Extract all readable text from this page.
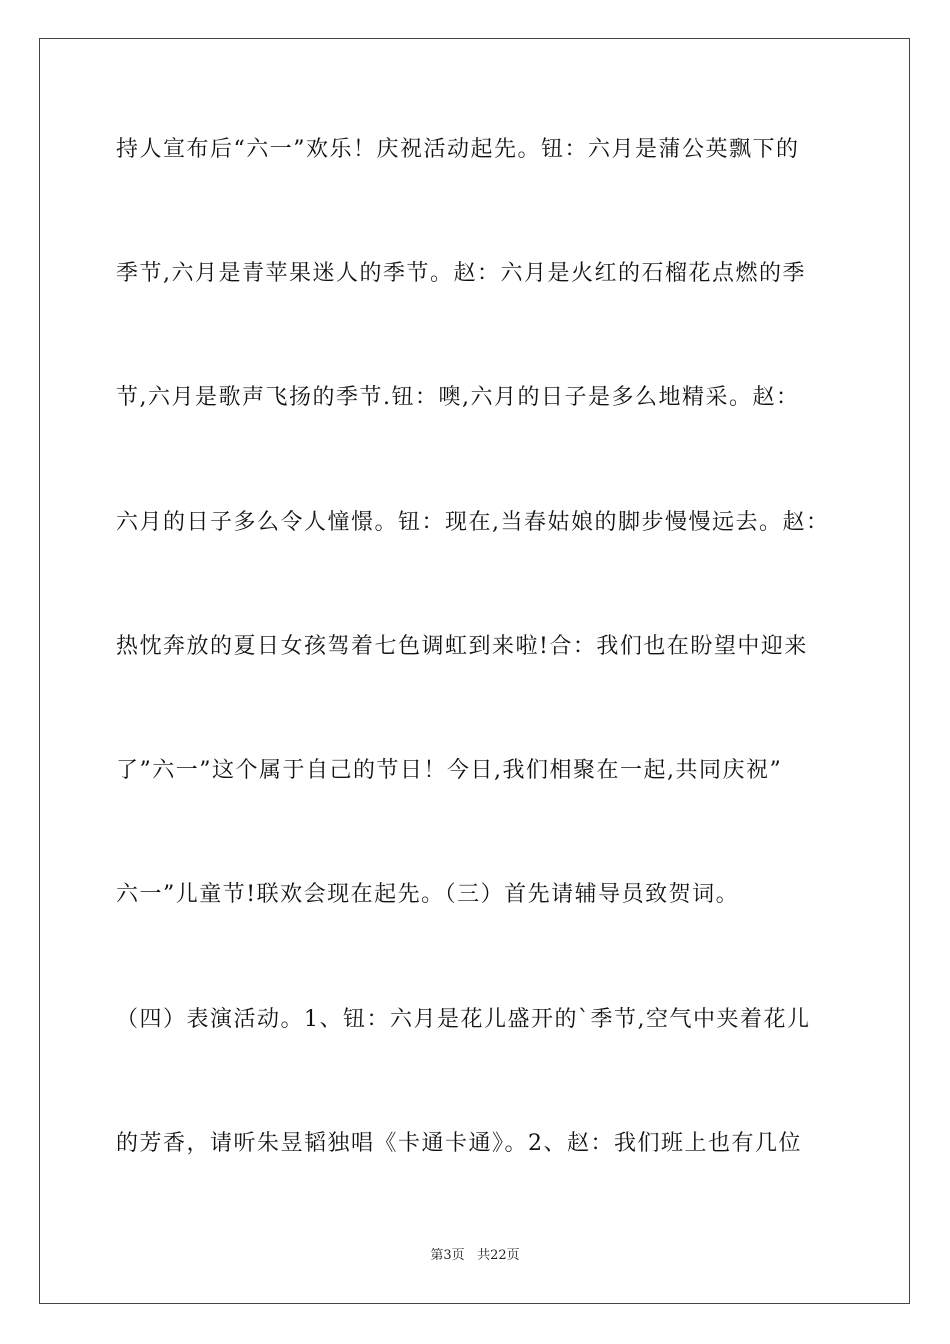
持人宣布后“六一”欢乐！庆祝活动起先。钮：六月是蒲公英飘下的
季节,六月是青苹果迷人的季节。赵：六月是火红的石榴花点燃的季
节,六月是歌声飞扬的季节.钮：噢,六月的日子是多么地精采。赵：
六月的日子多么令人憧憬。钮：现在,当春姑娘的脚步慢慢远去。赵：
热忱奔放的夏日女孩驾着七色调虹到来啦!合：我们也在盼望中迎来
了”六一”这个属于自己的节日！今日,我们相聚在一起,共同庆祝”
六一”儿童节!联欢会现在起先。（三）首先请辅导员致贺词。
（四）表演活动。1、钮：六月是花儿盛开的`季节,空气中夹着花儿
的芳香，请听朱昱韬独唱《卡通卡通》。2、赵：我们班上也有几位
第3页 共22页
